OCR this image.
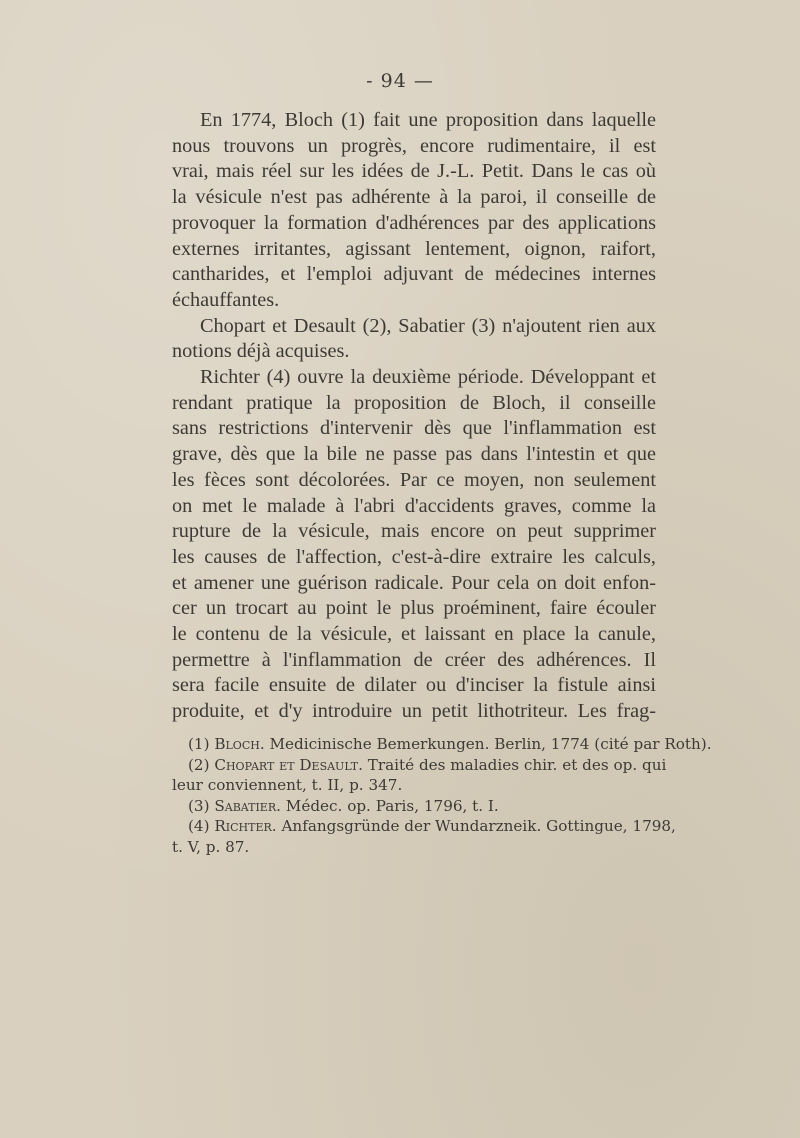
- 94 —
En 1774, Bloch (1) fait une proposition dans laquelle
nous trouvons un progrès, encore rudimentaire, il est
vrai, mais réel sur les idées de J.-L. Petit. Dans le cas où
la vésicule n'est pas adhérente à la paroi, il conseille de
provoquer la formation d'adhérences par des applications
externes irritantes, agissant lentement, oignon, raifort,
cantharides, et l'emploi adjuvant de médecines internes
échauffantes.
Chopart et Desault (2), Sabatier (3) n'ajoutent rien aux
notions déjà acquises.
Richter (4) ouvre la deuxième période. Développant et
rendant pratique la proposition de Bloch, il conseille
sans restrictions d'intervenir dès que l'inflammation est
grave, dès que la bile ne passe pas dans l'intestin et que
les fèces sont décolorées. Par ce moyen, non seulement
on met le malade à l'abri d'accidents graves, comme la
rupture de la vésicule, mais encore on peut supprimer
les causes de l'affection, c'est-à-dire extraire les calculs,
et amener une guérison radicale. Pour cela on doit enfon-
cer un trocart au point le plus proéminent, faire écouler
le contenu de la vésicule, et laissant en place la canule,
permettre à l'inflammation de créer des adhérences. Il
sera facile ensuite de dilater ou d'inciser la fistule ainsi
produite, et d'y introduire un petit lithotriteur. Les frag-
(1) Bloch. Medicinische Bemerkungen. Berlin, 1774 (cité par Roth).
(2) Chopart et Desault. Traité des maladies chir. et des op. qui
leur conviennent, t. II, p. 347.
(3) Sabatier. Médec. op. Paris, 1796, t. I.
(4) Richter. Anfangsgründe der Wundarzneik. Gottingue, 1798,
t. V, p. 87.
